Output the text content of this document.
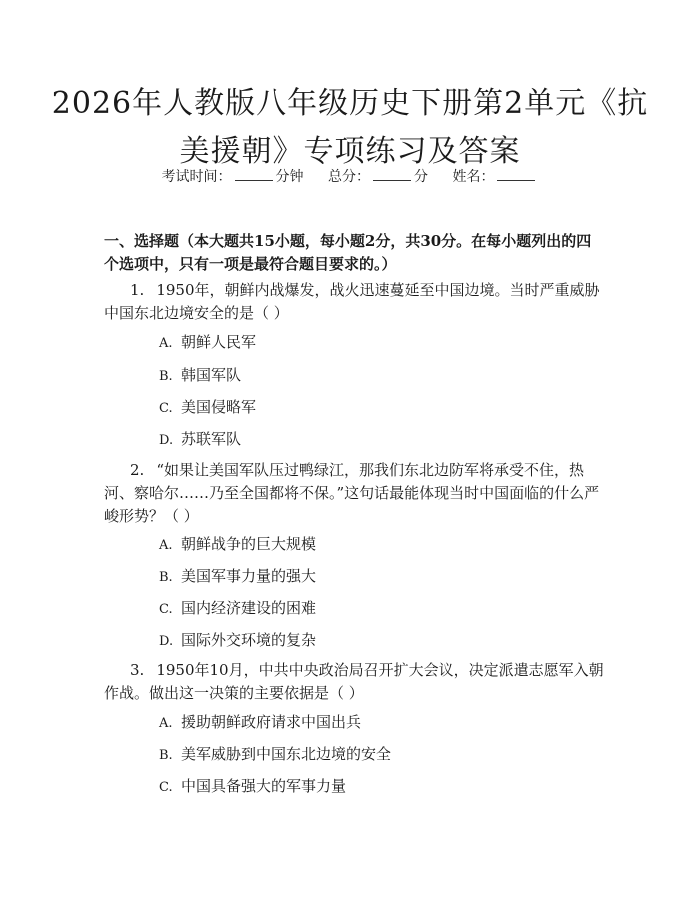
2026年人教版八年级历史下册第2单元《抗美援朝》专项练习及答案
考试时间：	分钟 总分：	分 姓名：

一、选择题（本大题共15小题，每小题2分，共30分。在每小题列出的四个选项中，只有一项是最符合题目要求的。）

1. 1950年，朝鲜内战爆发，战火迅速蔓延至中国边境。当时严重威胁中国东北边境安全的是（ ）

A. 朝鲜人民军
B. 韩国军队
C. 美国侵略军
D. 苏联军队

2. “如果让美国军队压过鸭绿江，那我们东北边防军将承受不住，热河、察哈尔……乃至全国都将不保。”这句话最能体现当时中国面临的什么严峻形势？（ ）

A. 朝鲜战争的巨大规模
B. 美国军事力量的强大
C. 国内经济建设的困难
D. 国际外交环境的复杂

3. 1950年10月，中共中央政治局召开扩大会议，决定派遣志愿军入朝作战。做出这一决策的主要依据是（ ）

A. 援助朝鲜政府请求中国出兵
B. 美军威胁到中国东北边境的安全
C. 中国具备强大的军事力量
